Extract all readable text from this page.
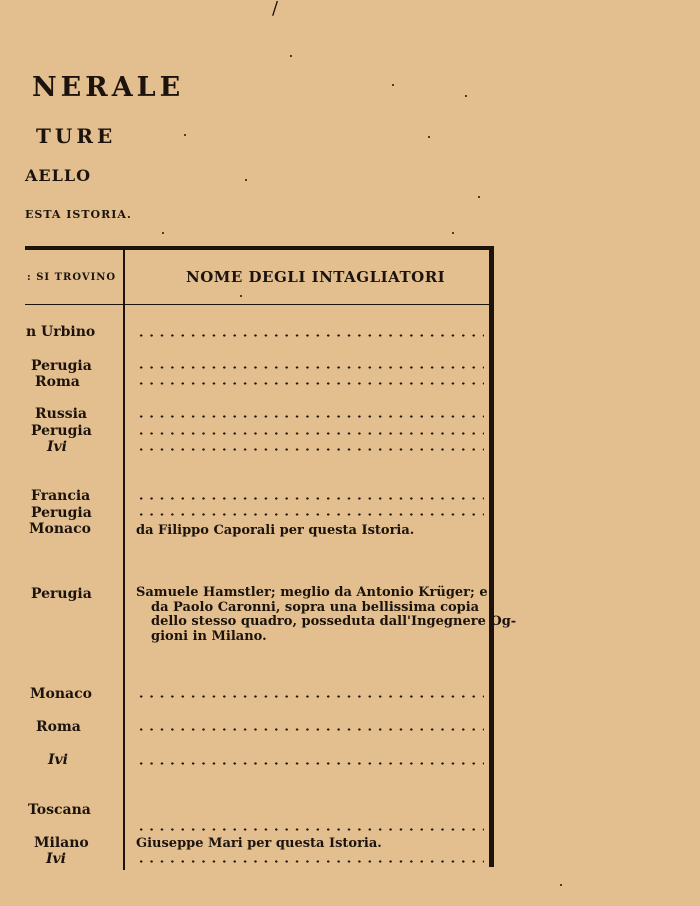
/
NERALE
TURE
AELLO
ESTA ISTORIA.
: SI TROVINO	NOME DEGLI INTAGLIATORI
n Urbino
Perugia
Roma
Russia
Perugia
Ivi
Francia
Perugia
Monaco
Perugia
Monaco
Roma
Ivi
Toscana
Milano
Ivi
da Filippo Caporali per questa Istoria.
Samuele Hamstler; meglio da Antonio Krüger; e
da Paolo Caronni, sopra una bellissima copia
dello stesso quadro, posseduta dall'Ingegnere Og-
gioni in Milano.
Giuseppe Mari per questa Istoria.
